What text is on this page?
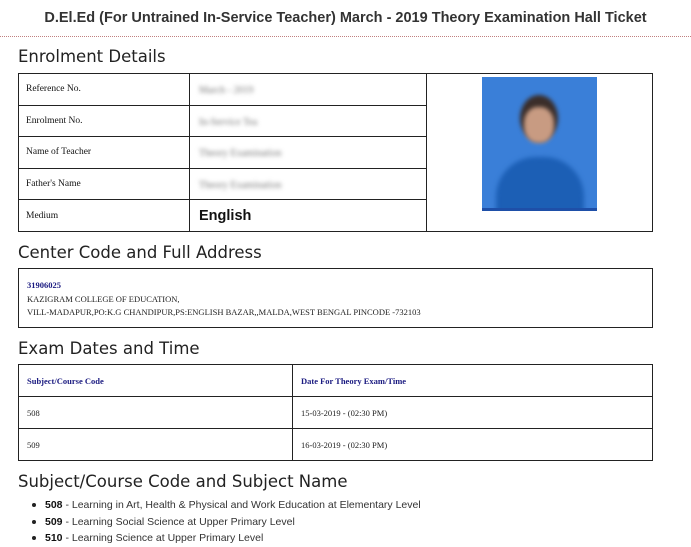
D.El.Ed (For Untrained In-Service Teacher) March - 2019 Theory Examination Hall Ticket
Enrolment Details
Reference No.	March - 2019	

Enrolment No.	In-Service Tea	
Name of Teacher	Theory Examination	
Father's Name	Theory Examination	
Medium	English	
Center Code and Full Address
31906025
KAZIGRAM COLLEGE OF EDUCATION,
VILL-MADAPUR,PO:K.G CHANDIPUR,PS:ENGLISH BAZAR,,MALDA,WEST BENGAL PINCODE -732103
Exam Dates and Time
Subject/Course Code	Date For Theory Exam/Time
508	15-03-2019 - (02:30 PM)
509	16-03-2019 - (02:30 PM)
Subject/Course Code and Subject Name
508 - Learning in Art, Health & Physical and Work Education at Elementary Level
509 - Learning Social Science at Upper Primary Level
510 - Learning Science at Upper Primary Level
